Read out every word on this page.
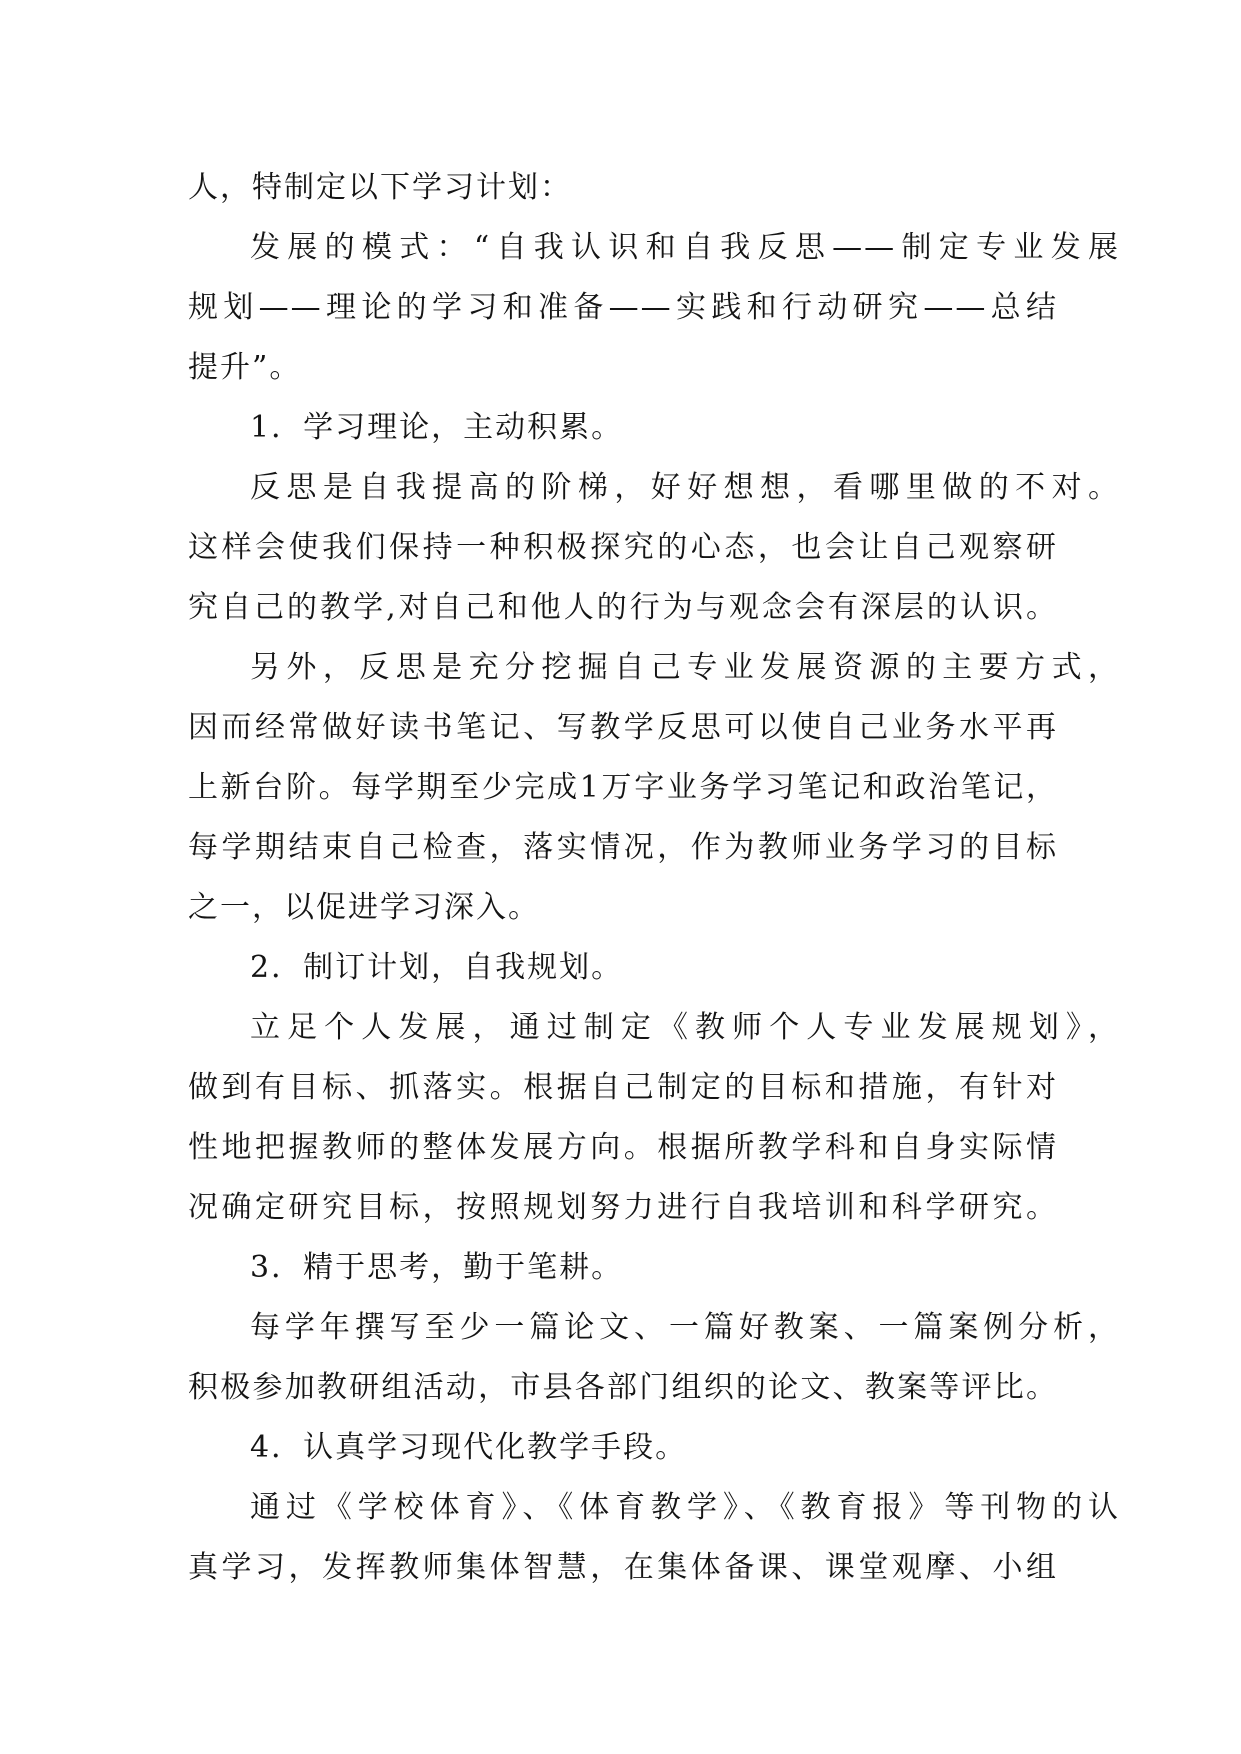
人，特制定以下学习计划：
发展的模式：“自我认识和自我反思——制定专业发展
规划——理论的学习和准备——实践和行动研究——总结
提升”。
1．学习理论，主动积累。
反思是自我提高的阶梯，好好想想，看哪里做的不对。
这样会使我们保持一种积极探究的心态，也会让自己观察研
究自己的教学,对自己和他人的行为与观念会有深层的认识。
另外，反思是充分挖掘自己专业发展资源的主要方式，
因而经常做好读书笔记、写教学反思可以使自己业务水平再
上新台阶。每学期至少完成1万字业务学习笔记和政治笔记，
每学期结束自己检查，落实情况，作为教师业务学习的目标
之一，以促进学习深入。
2．制订计划，自我规划。
立足个人发展，通过制定《教师个人专业发展规划》，
做到有目标、抓落实。根据自己制定的目标和措施，有针对
性地把握教师的整体发展方向。根据所教学科和自身实际情
况确定研究目标，按照规划努力进行自我培训和科学研究。
3．精于思考，勤于笔耕。
每学年撰写至少一篇论文、一篇好教案、一篇案例分析，
积极参加教研组活动，市县各部门组织的论文、教案等评比。
4．认真学习现代化教学手段。
通过《学校体育》、《体育教学》、《教育报》等刊物的认
真学习，发挥教师集体智慧，在集体备课、课堂观摩、小组
